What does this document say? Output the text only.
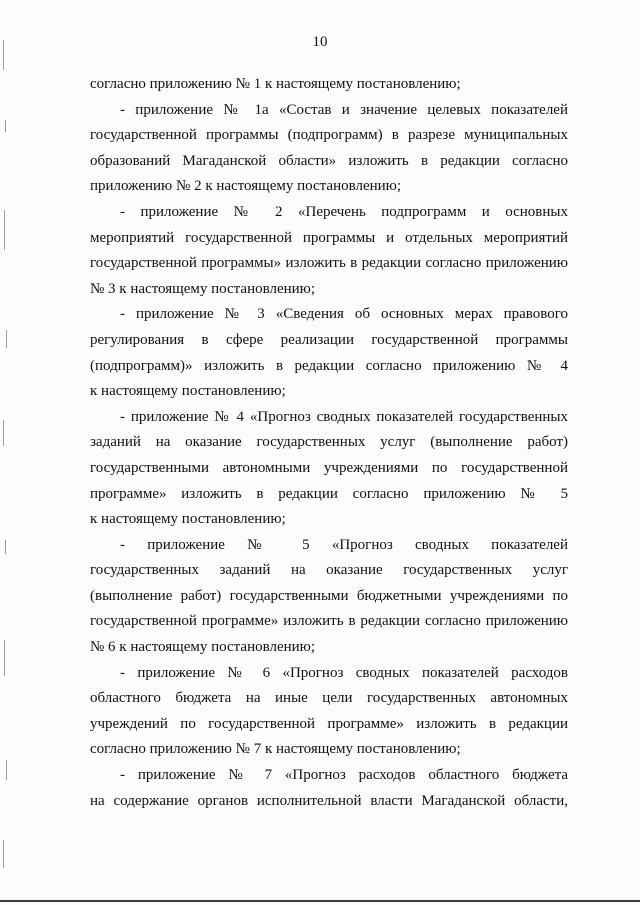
10
согласно приложению № 1 к настоящему постановлению;
- приложение № 1а «Состав и значение целевых показателей
государственной программы (подпрограмм) в разрезе муниципальных
образований Магаданской области» изложить в редакции согласно
приложению № 2 к настоящему постановлению;
- приложение № 2 «Перечень подпрограмм и основных
мероприятий государственной программы и отдельных мероприятий
государственной программы» изложить в редакции согласно приложению
№ 3 к настоящему постановлению;
- приложение № 3 «Сведения об основных мерах правового
регулирования в сфере реализации государственной программы
(подпрограмм)» изложить в редакции согласно приложению № 4
к настоящему постановлению;
- приложение № 4 «Прогноз сводных показателей государственных
заданий на оказание государственных услуг (выполнение работ)
государственными автономными учреждениями по государственной
программе» изложить в редакции согласно приложению № 5
к настоящему постановлению;
- приложение № 5 «Прогноз сводных показателей
государственных заданий на оказание государственных услуг
(выполнение работ) государственными бюджетными учреждениями по
государственной программе» изложить в редакции согласно приложению
№ 6 к настоящему постановлению;
- приложение № 6 «Прогноз сводных показателей расходов
областного бюджета на иные цели государственных автономных
учреждений по государственной программе» изложить в редакции
согласно приложению № 7 к настоящему постановлению;
- приложение № 7 «Прогноз расходов областного бюджета
на содержание органов исполнительной власти Магаданской области,
